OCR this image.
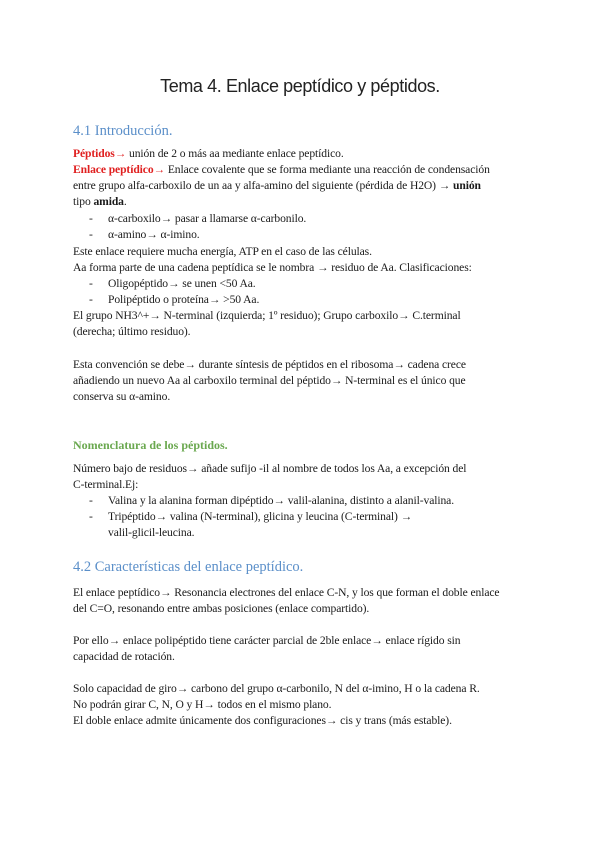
Tema 4. Enlace peptídico y péptidos.
4.1 Introducción.
Péptidos→ unión de 2 o más aa mediante enlace peptídico.
Enlace peptídico→ Enlace covalente que se forma mediante una reacción de condensación
entre grupo alfa-carboxilo de un aa y alfa-amino del siguiente (pérdida de H2O) → unión
tipo amida.
- α-carboxilo→ pasar a llamarse α-carbonilo.
- α-amino→ α-imino.
Este enlace requiere mucha energía, ATP en el caso de las células.
Aa forma parte de una cadena peptídica se le nombra → residuo de Aa. Clasificaciones:
- Oligopéptido→ se unen <50 Aa.
- Polipéptido o proteína→ >50 Aa.
El grupo NH3^+→ N-terminal (izquierda; 1º residuo); Grupo carboxilo→ C.terminal
(derecha; último residuo).
Esta convención se debe→ durante síntesis de péptidos en el ribosoma→ cadena crece
añadiendo un nuevo Aa al carboxilo terminal del péptido→ N-terminal es el único que
conserva su α-amino.
Nomenclatura de los péptidos.
Número bajo de residuos→ añade sufijo -il al nombre de todos los Aa, a excepción del
C-terminal.Ej:
- Valina y la alanina forman dipéptido→ valil-alanina, distinto a alanil-valina.
- Tripéptido→ valina (N-terminal), glicina y leucina (C-terminal) →
valil-glicil-leucina.
4.2 Características del enlace peptídico.
El enlace peptídico→ Resonancia electrones del enlace C-N, y los que forman el doble enlace
del C=O, resonando entre ambas posiciones (enlace compartido).
Por ello→ enlace polipéptido tiene carácter parcial de 2ble enlace→ enlace rígido sin
capacidad de rotación.
Solo capacidad de giro→ carbono del grupo α-carbonilo, N del α-imino, H o la cadena R.
No podrán girar C, N, O y H→ todos en el mismo plano.
El doble enlace admite únicamente dos configuraciones→ cis y trans (más estable).
